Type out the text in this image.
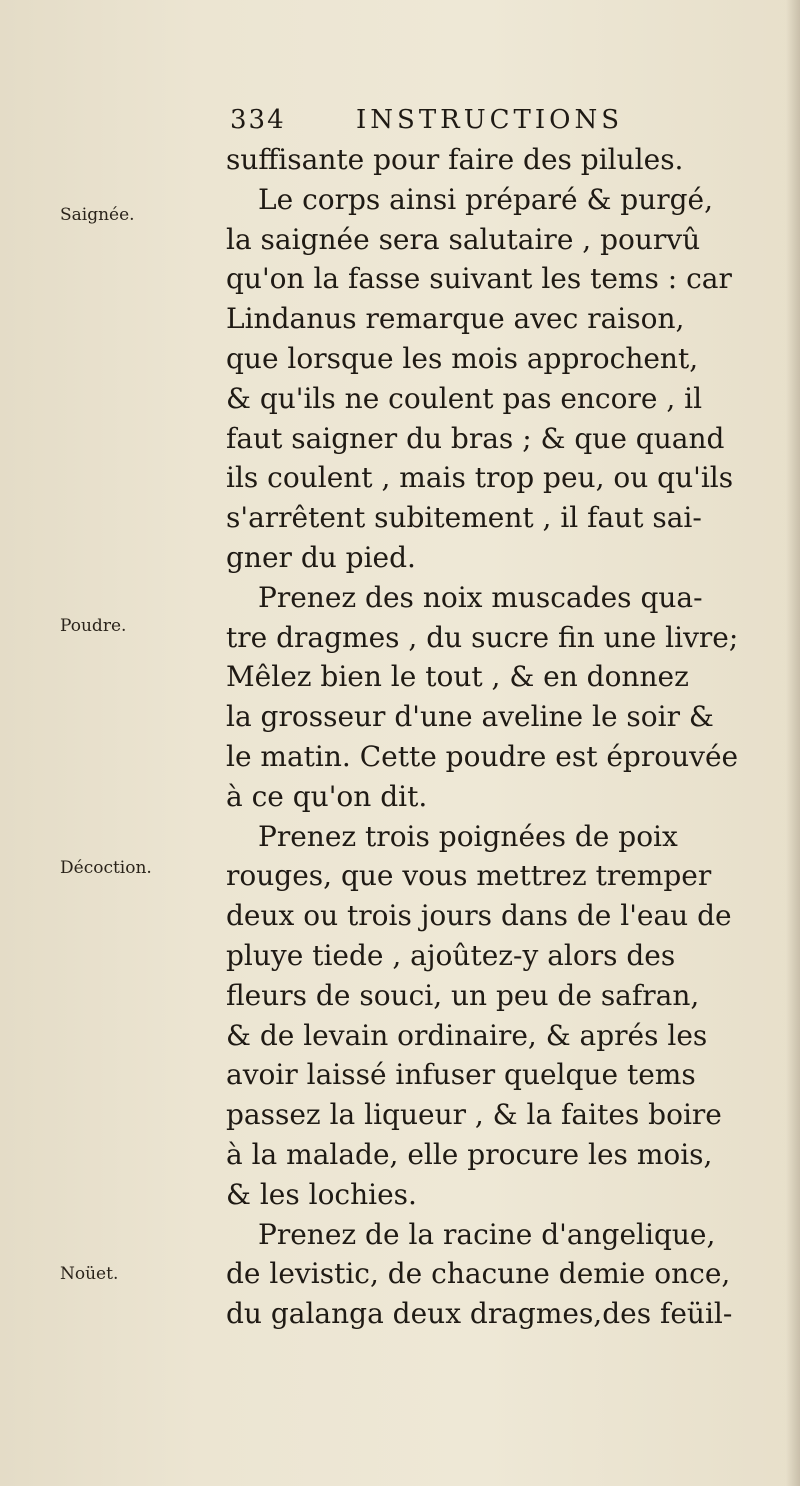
334	INSTRUCTIONS
Saignée.
Poudre.
Décoction.
Noüet.
suffisante pour faire des pilules.
Le corps ainsi préparé & purgé,
la saignée sera salutaire , pourvû
qu'on la fasse suivant les tems : car
Lindanus remarque avec raison,
que lorsque les mois approchent,
& qu'ils ne coulent pas encore , il
faut saigner du bras ; & que quand
ils coulent , mais trop peu, ou qu'ils
s'arrêtent subitement , il faut sai-
gner du pied.
Prenez des noix muscades qua-
tre dragmes , du sucre fin une livre;
Mêlez bien le tout , & en donnez
la grosseur d'une aveline le soir &
le matin. Cette poudre est éprouvée
à ce qu'on dit.
Prenez trois poignées de poix
rouges, que vous mettrez tremper
deux ou trois jours dans de l'eau de
pluye tiede , ajoûtez-y alors des
fleurs de souci, un peu de safran,
& de levain ordinaire, & aprés les
avoir laissé infuser quelque tems
passez la liqueur , & la faites boire
à la malade, elle procure les mois,
& les lochies.
Prenez de la racine d'angelique,
de levistic, de chacune demie once,
du galanga deux dragmes,des feüil-
